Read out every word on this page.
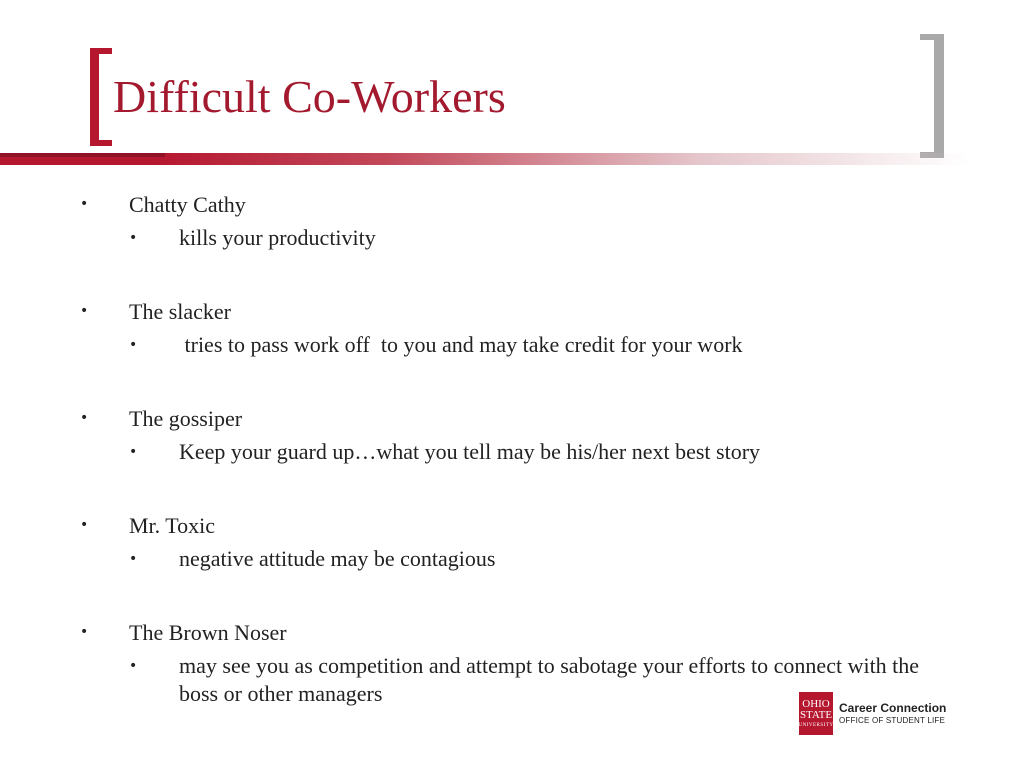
Difficult Co-Workers
• Chatty Cathy
• kills your productivity
• The slacker
• tries to pass work off  to you and may take credit for your work
• The gossiper
• Keep your guard up…what you tell may be his/her next best story
• Mr. Toxic
• negative attitude may be contagious
• The Brown Noser
• may see you as competition and attempt to sabotage your efforts to connect with the boss or other managers	OHIO
STATE
UNIVERSITY
Career Connection
OFFICE OF STUDENT LIFE
